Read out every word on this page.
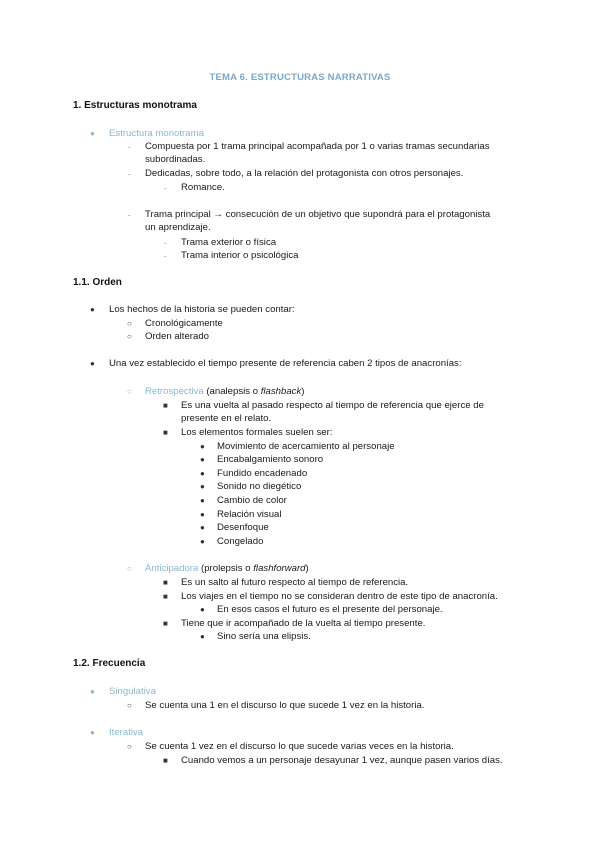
TEMA 6. ESTRUCTURAS NARRATIVAS
1. Estructuras monotrama
● Estructura monotrama
. Compuesta por 1 trama principal acompañada por 1 o varias tramas secundarias
subordinadas.
. Dedicadas, sobre todo, a la relación del protagonista con otros personajes.
. Romance.
. Trama principal → consecución de un objetivo que supondrá para el protagonista
un aprendizaje.
. Trama exterior o física
. Trama interior o psicológica
1.1. Orden
● Los hechos de la historia se pueden contar:
○ Cronológicamente
○ Orden alterado
● Una vez establecido el tiempo presente de referencia caben 2 tipos de anacronías:
○ Retrospectiva (analepsis o flashback)
■ Es una vuelta al pasado respecto al tiempo de referencia que ejerce de
presente en el relato.
■ Los elementos formales suelen ser:
● Movimiento de acercamiento al personaje
● Encabalgamiento sonoro
● Fundido encadenado
● Sonido no diegético
● Cambio de color
● Relación visual
● Desenfoque
● Congelado
○ Anticipadora (prolepsis o flashforward)
■ Es un salto al futuro respecto al tiempo de referencia.
■ Los viajes en el tiempo no se consideran dentro de este tipo de anacronía.
● En esos casos el futuro es el presente del personaje.
■ Tiene que ir acompañado de la vuelta al tiempo presente.
● Sino sería una elipsis.
1.2. Frecuencia
● Singulativa
○ Se cuenta una 1 en el discurso lo que sucede 1 vez en la historia.
● Iterativa
○ Se cuenta 1 vez en el discurso lo que sucede varias veces en la historia.
■ Cuando vemos a un personaje desayunar 1 vez, aunque pasen varios días.
